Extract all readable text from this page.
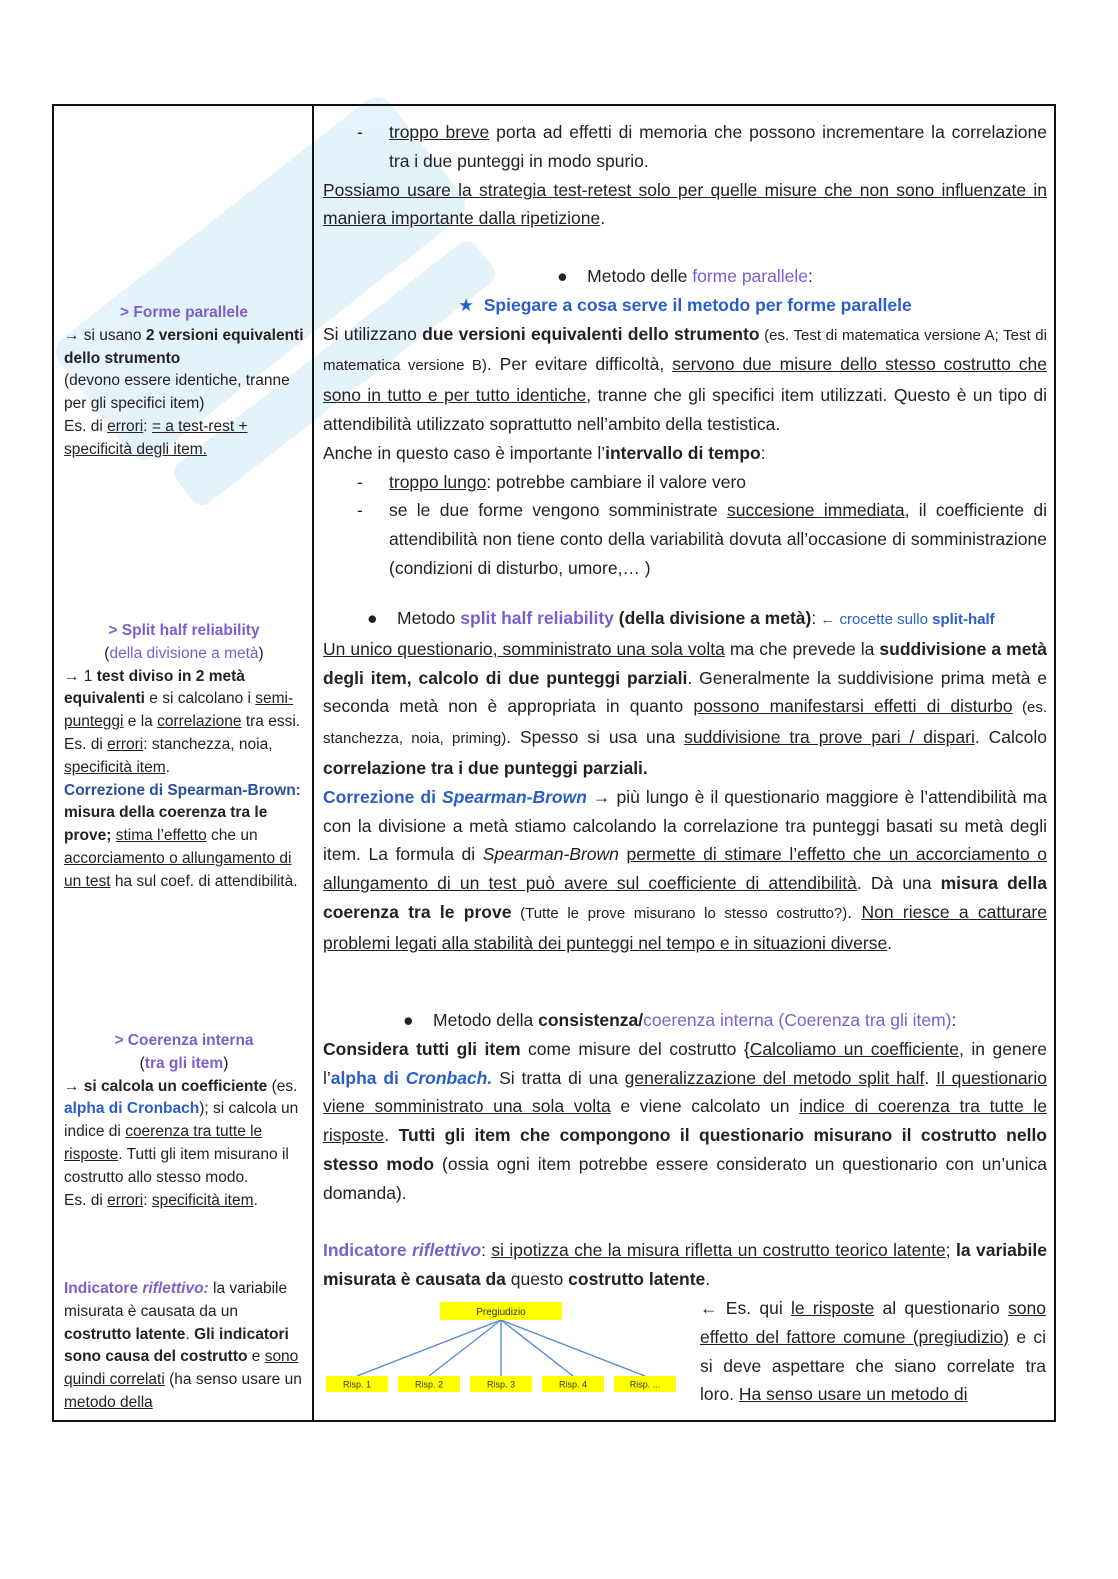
> Forme parallele
→ si usano 2 versioni equivalenti dello strumento
(devono essere identiche, tranne per gli specifici item)
Es. di errori: = a test-rest + specificità degli item.
> Split half reliability
(della divisione a metà)
→ 1 test diviso in 2 metà equivalenti e si calcolano i semi-punteggi e la correlazione tra essi.
Es. di errori: stanchezza, noia, specificità item.
Correzione di Spearman-Brown: misura della coerenza tra le prove; stima l’effetto che un accorciamento o allungamento di un test ha sul coef. di attendibilità.
> Coerenza interna
(tra gli item)
→ si calcola un coefficiente (es. alpha di Cronbach); si calcola un indice di coerenza tra tutte le risposte. Tutti gli item misurano il costrutto allo stesso modo.
Es. di errori: specificità item.
Indicatore riflettivo: la variabile misurata è causata da un costrutto latente. Gli indicatori sono causa del costrutto e sono quindi correlati (ha senso usare un metodo della
- troppo breve porta ad effetti di memoria che possono incrementare la correlazione tra i due punteggi in modo spurio.
Possiamo usare la strategia test-retest solo per quelle misure che non sono influenzate in maniera importante dalla ripetizione.
● Metodo delle forme parallele:
★ Spiegare a cosa serve il metodo per forme parallele
Si utilizzano due versioni equivalenti dello strumento (es. Test di matematica versione A; Test di matematica versione B). Per evitare difficoltà, servono due misure dello stesso costrutto che sono in tutto e per tutto identiche, tranne che gli specifici item utilizzati. Questo è un tipo di attendibilità utilizzato soprattutto nell’ambito della testistica.
Anche in questo caso è importante l’intervallo di tempo:
- troppo lungo: potrebbe cambiare il valore vero
- se le due forme vengono somministrate succesione immediata, il coefficiente di attendibilità non tiene conto della variabilità dovuta all’occasione di somministrazione (condizioni di disturbo, umore,… )
● Metodo split half reliability (della divisione a metà): ← crocette sullo split-half
Un unico questionario, somministrato una sola volta ma che prevede la suddivisione a metà degli item, calcolo di due punteggi parziali. Generalmente la suddivisione prima metà e seconda metà non è appropriata in quanto possono manifestarsi effetti di disturbo (es. stanchezza, noia, priming). Spesso si usa una suddivisione tra prove pari / dispari. Calcolo correlazione tra i due punteggi parziali.
Correzione di Spearman-Brown → più lungo è il questionario maggiore è l’attendibilità ma con la divisione a metà stiamo calcolando la correlazione tra punteggi basati su metà degli item. La formula di Spearman-Brown permette di stimare l’effetto che un accorciamento o allungamento di un test può avere sul coefficiente di attendibilità. Dà una misura della coerenza tra le prove (Tutte le prove misurano lo stesso costrutto?). Non riesce a catturare problemi legati alla stabilità dei punteggi nel tempo e in situazioni diverse.
● Metodo della consistenza/coerenza interna (Coerenza tra gli item):
Considera tutti gli item come misure del costrutto {Calcoliamo un coefficiente, in genere l’alpha di Cronbach. Si tratta di una generalizzazione del metodo split half. Il questionario viene somministrato una sola volta e viene calcolato un indice di coerenza tra tutte le risposte. Tutti gli item che compongono il questionario misurano il costrutto nello stesso modo (ossia ogni item potrebbe essere considerato un questionario con un’unica domanda).
Indicatore riflettivo: si ipotizza che la misura rifletta un costrutto teorico latente; la variabile misurata è causata da questo costrutto latente.
Pregiudizio
Risp. 1	Risp. 2	Risp. 3	Risp. 4	Risp. ...
← Es. qui le risposte al questionario sono effetto del fattore comune (pregiudizio) e ci si deve aspettare che siano correlate tra loro. Ha senso usare un metodo di
